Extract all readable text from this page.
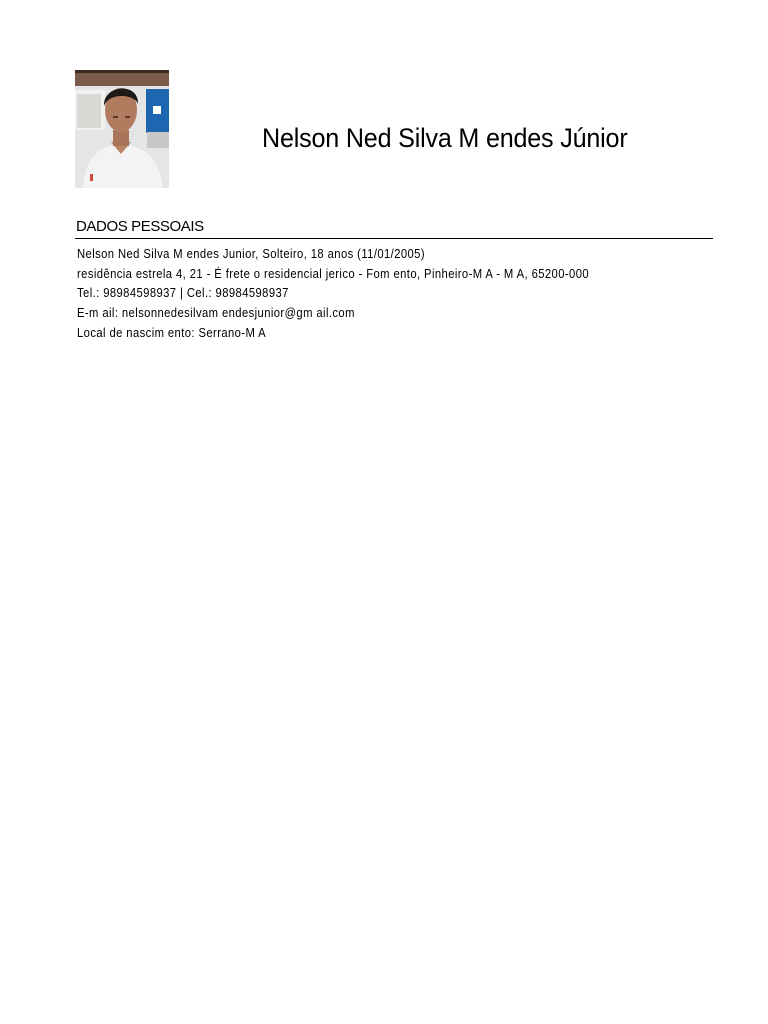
Nelson Ned Silva M endes Júnior
DADOS PESSOAIS
Nelson Ned Silva M endes Junior, Solteiro, 18 anos (11/01/2005)
residência estrela 4, 21 - É frete o residencial jerico - Fom ento, Pinheiro-M A - M A, 65200-000
Tel.: 98984598937 | Cel.: 98984598937
E-m ail: nelsonnedesilvam endesjunior@gm ail.com
Local de nascim ento: Serrano-M A
